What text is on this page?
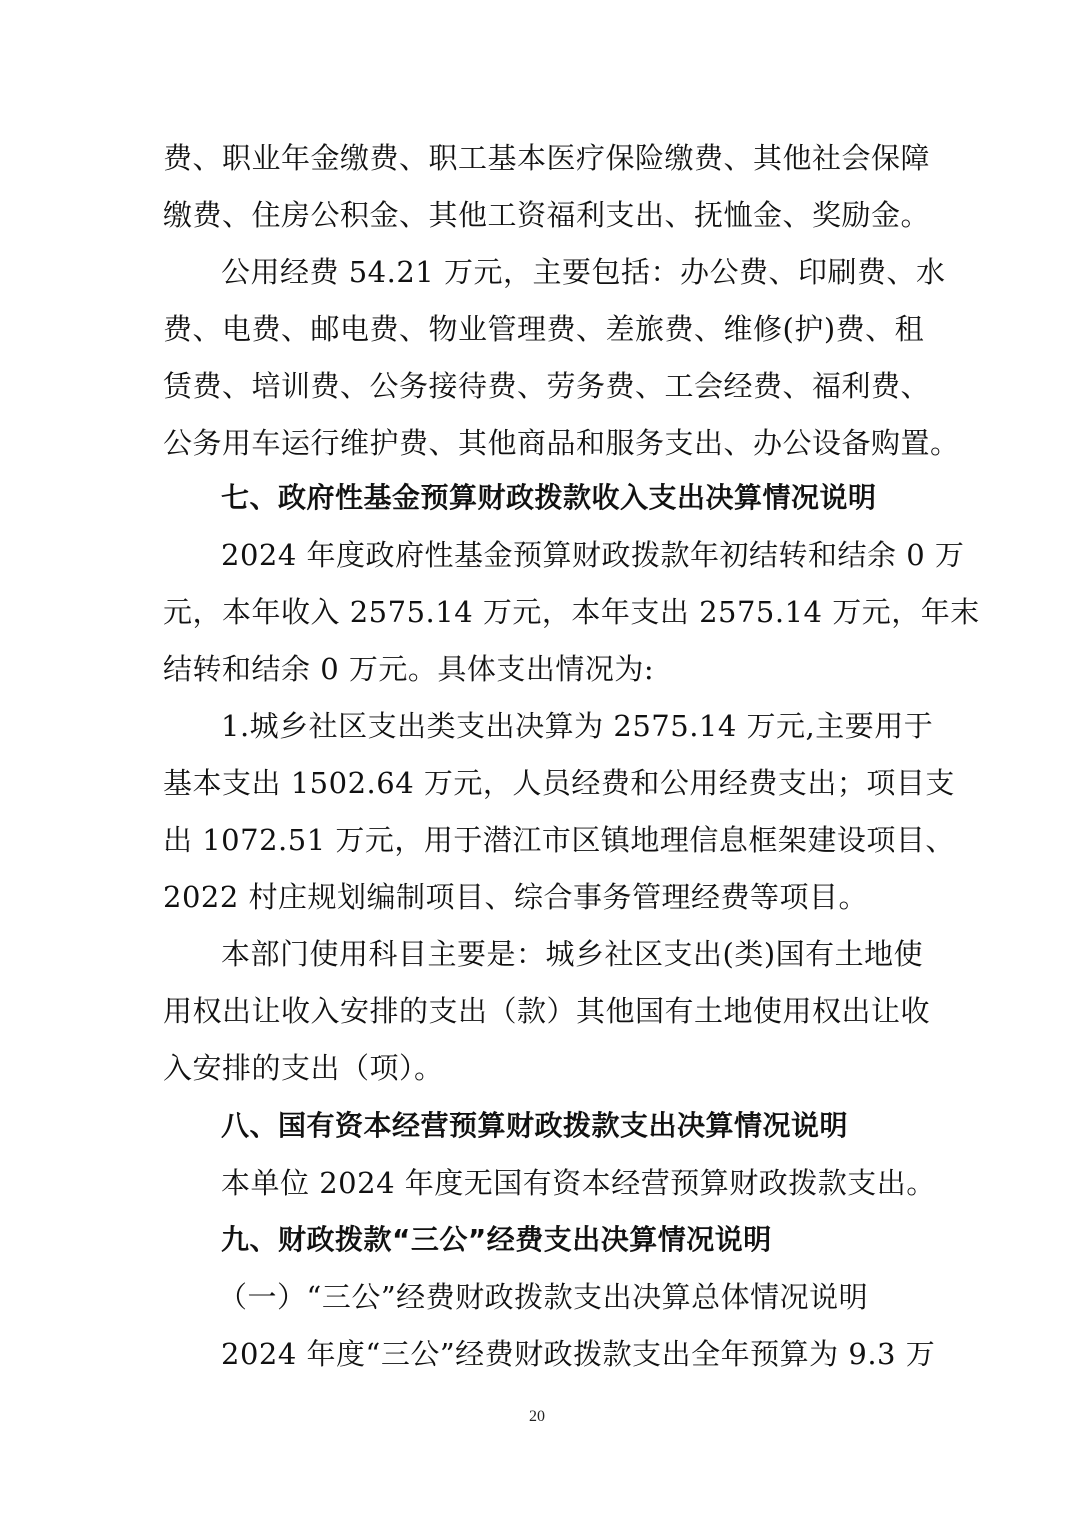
费、职业年金缴费、职工基本医疗保险缴费、其他社会保障
缴费、住房公积金、其他工资福利支出、抚恤金、奖励金。
公用经费 54.21 万元，主要包括：办公费、印刷费、水
费、电费、邮电费、物业管理费、差旅费、维修(护)费、租
赁费、培训费、公务接待费、劳务费、工会经费、福利费、
公务用车运行维护费、其他商品和服务支出、办公设备购置。
七、政府性基金预算财政拨款收入支出决算情况说明
2024 年度政府性基金预算财政拨款年初结转和结余 0 万
元，本年收入 2575.14 万元，本年支出 2575.14 万元，年末
结转和结余 0 万元。具体支出情况为:
1.城乡社区支出类支出决算为 2575.14 万元,主要用于
基本支出 1502.64 万元，人员经费和公用经费支出；项目支
出 1072.51 万元，用于潜江市区镇地理信息框架建设项目、
2022 村庄规划编制项目、综合事务管理经费等项目。
本部门使用科目主要是：城乡社区支出(类)国有土地使
用权出让收入安排的支出（款）其他国有土地使用权出让收
入安排的支出（项）。
八、国有资本经营预算财政拨款支出决算情况说明
本单位 2024 年度无国有资本经营预算财政拨款支出。
九、财政拨款“三公”经费支出决算情况说明
（一）“三公”经费财政拨款支出决算总体情况说明
2024 年度“三公”经费财政拨款支出全年预算为 9.3 万
20
